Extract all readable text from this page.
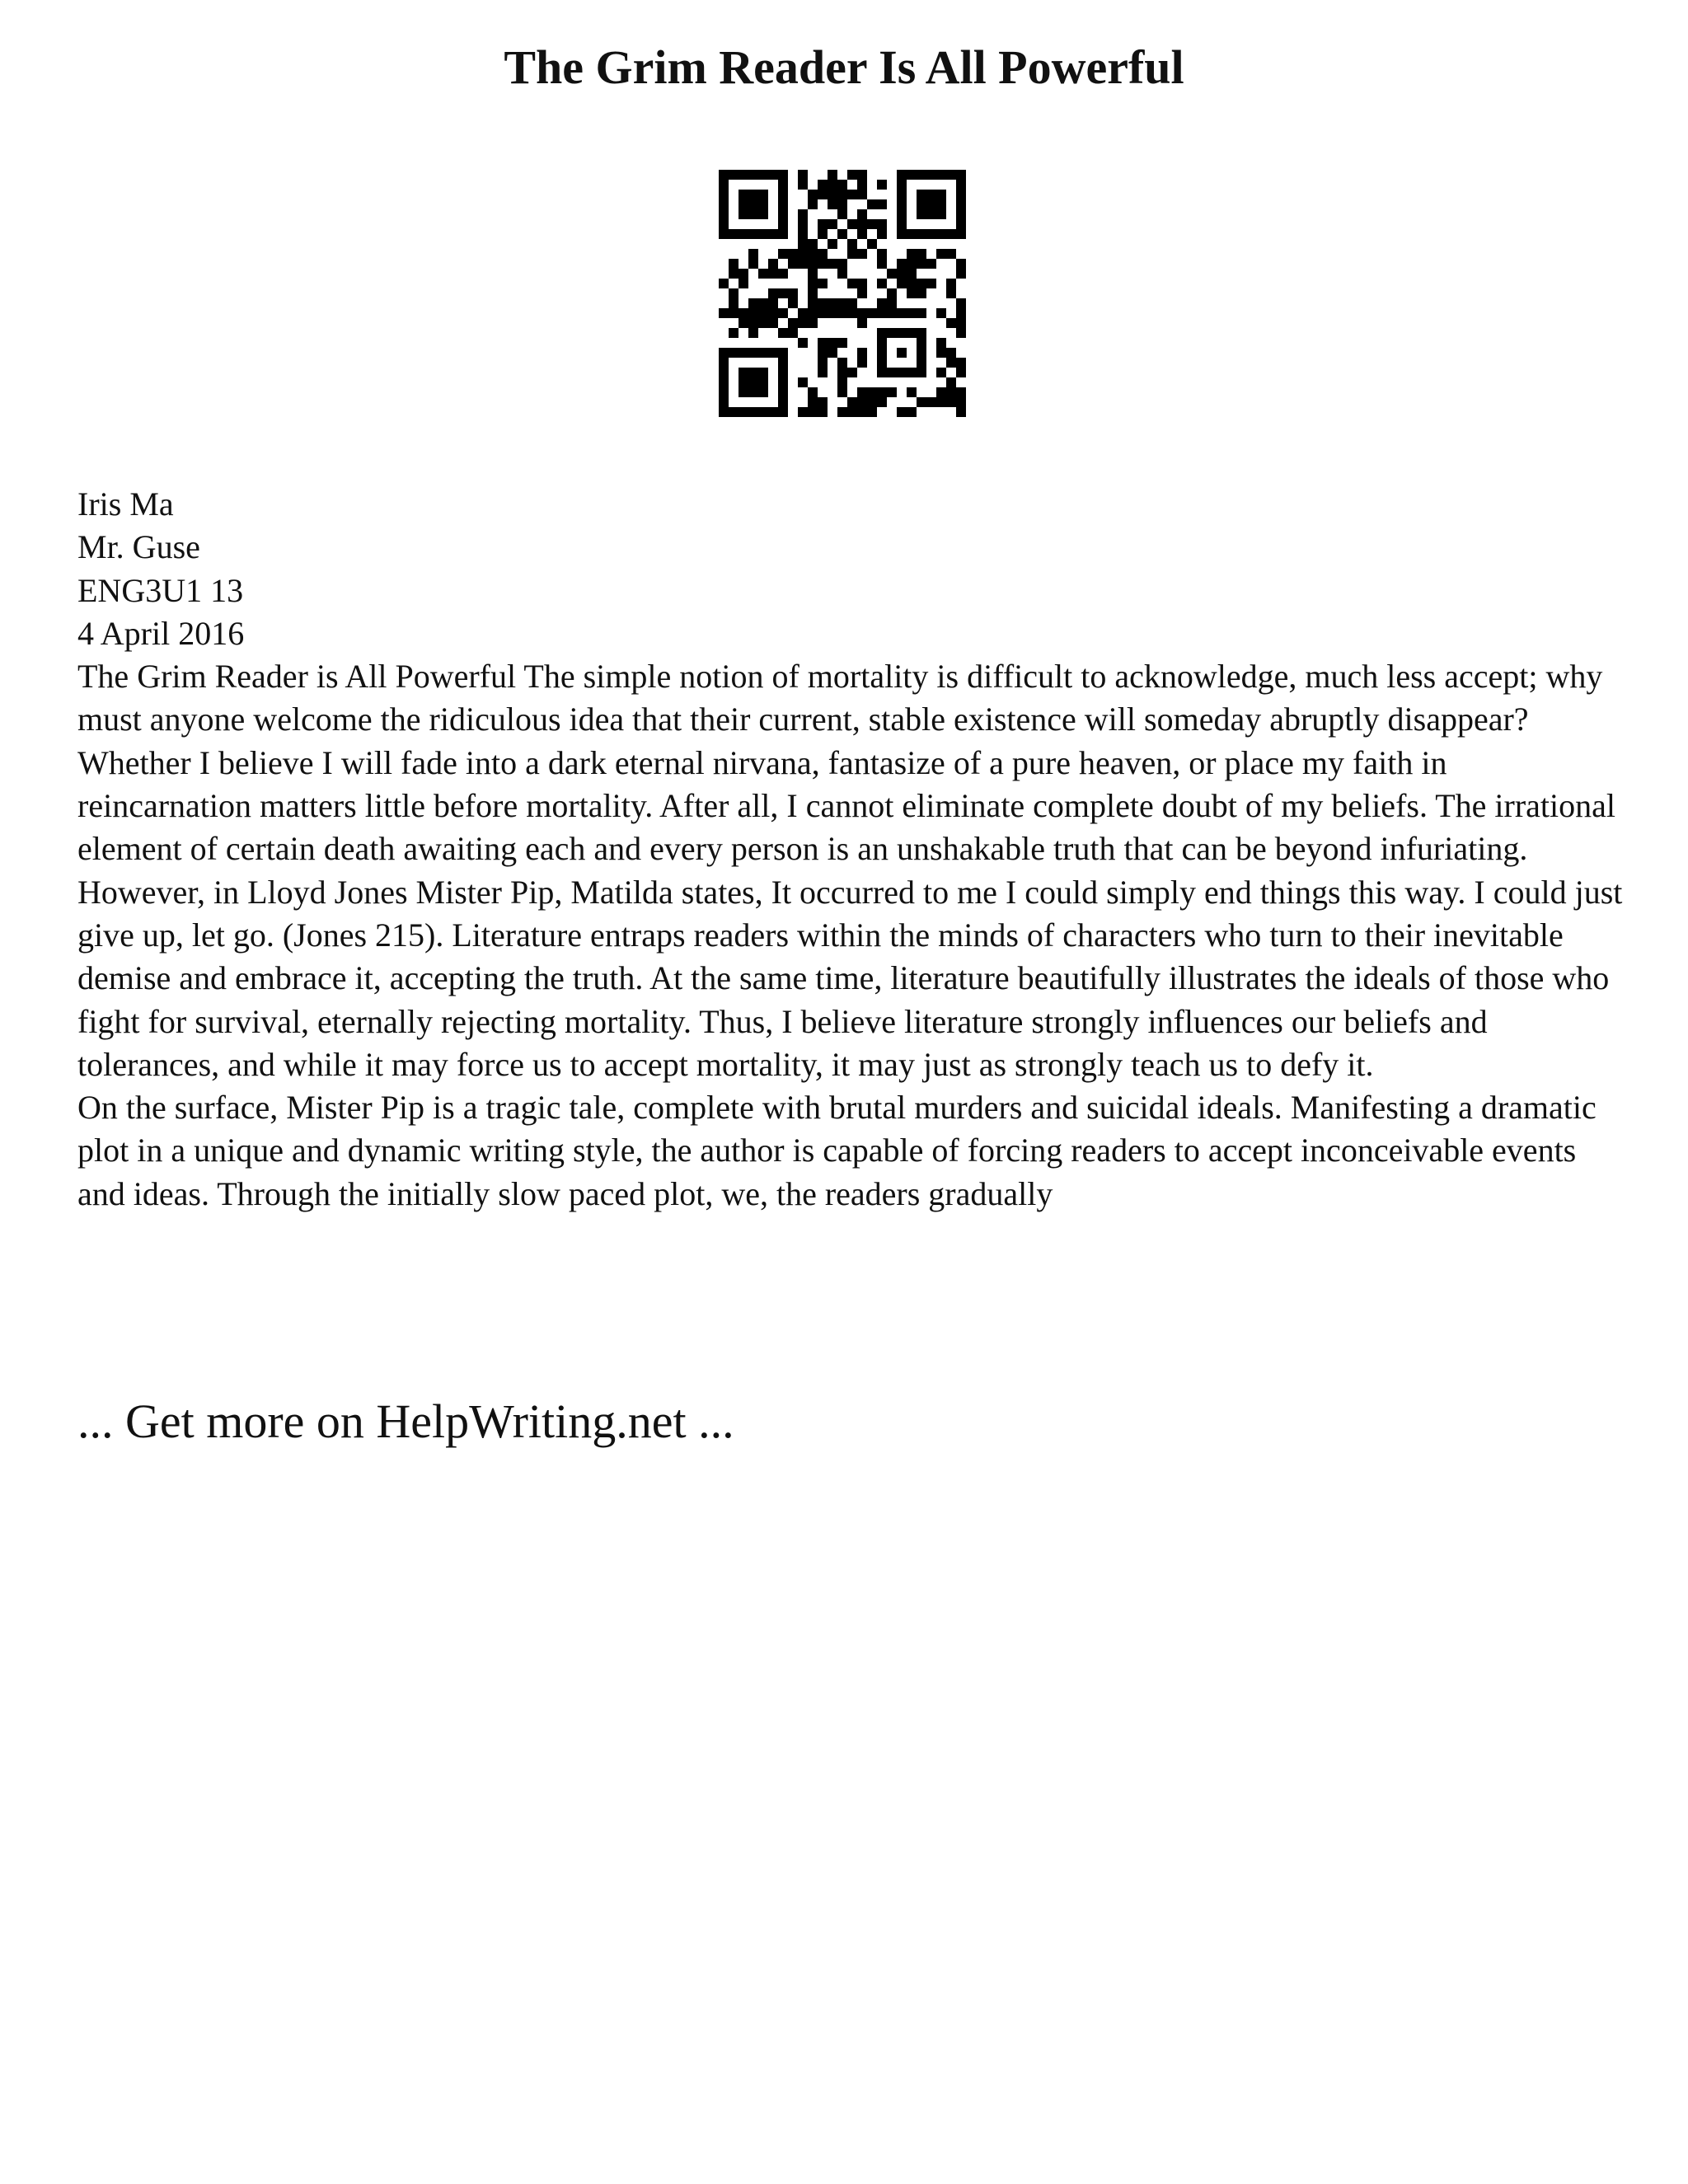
The Grim Reader Is All Powerful

Iris Ma

Mr. Guse

ENG3U1 13

4 April 2016

The Grim Reader is All Powerful The simple notion of mortality is difficult to acknowledge, much less accept; why must anyone welcome the ridiculous idea that their current, stable existence will someday abruptly disappear? Whether I believe I will fade into a dark eternal nirvana, fantasize of a pure heaven, or place my faith in reincarnation matters little before mortality. After all, I cannot eliminate complete doubt of my beliefs. The irrational element of certain death awaiting each and every person is an unshakable truth that can be beyond infuriating. However, in Lloyd Jones Mister Pip, Matilda states, It occurred to me I could simply end things this way. I could just give up, let go. (Jones 215). Literature entraps readers within the minds of characters who turn to their inevitable demise and embrace it, accepting the truth. At the same time, literature beautifully illustrates the ideals of those who fight for survival, eternally rejecting mortality. Thus, I believe literature strongly influences our beliefs and tolerances, and while it may force us to accept mortality, it may just as strongly teach us to defy it.

On the surface, Mister Pip is a tragic tale, complete with brutal murders and suicidal ideals. Manifesting a dramatic plot in a unique and dynamic writing style, the author is capable of forcing readers to accept inconceivable events and ideas. Through the initially slow paced plot, we, the readers gradually

... Get more on HelpWriting.net ...
